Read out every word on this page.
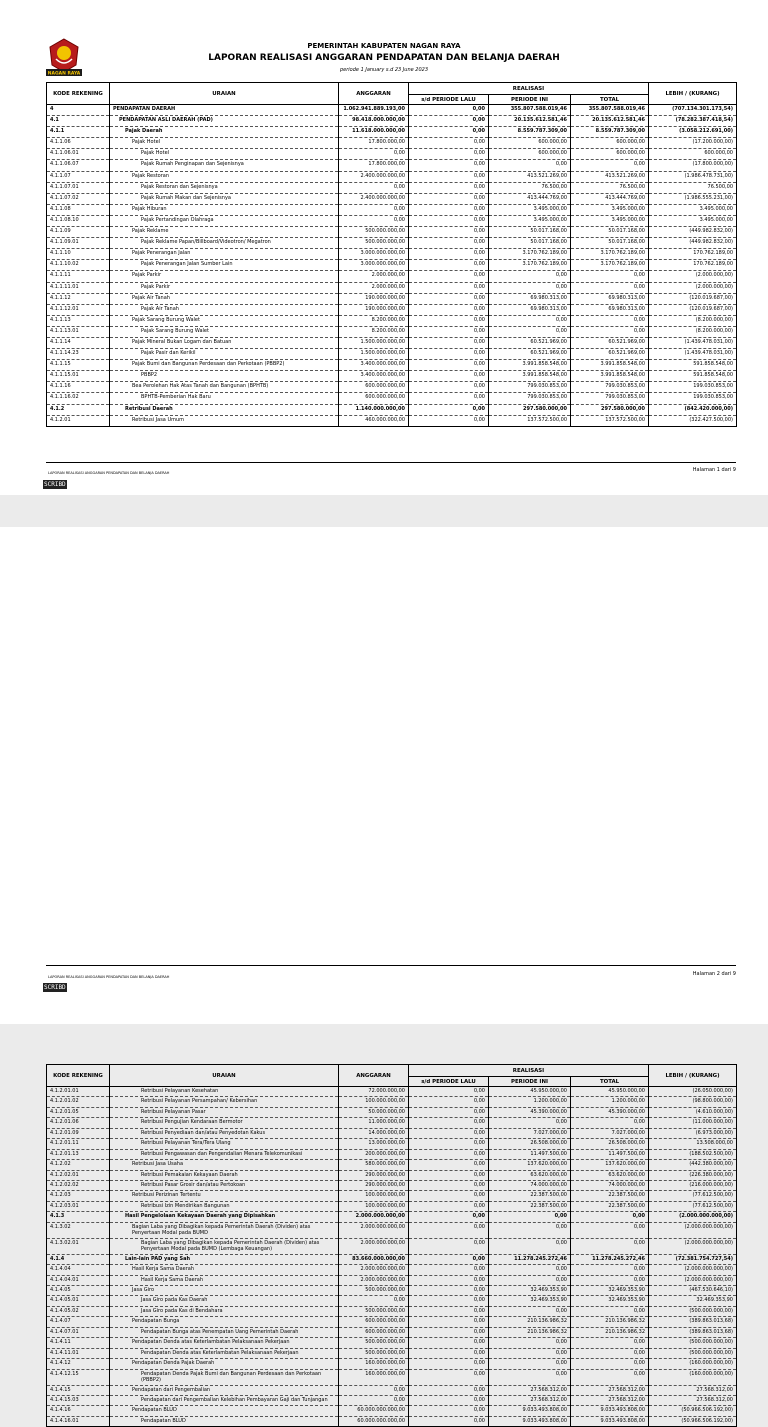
NAGAN RAYA
PEMERINTAH KABUPATEN NAGAN RAYA
LAPORAN REALISASI ANGGARAN PENDAPATAN DAN BELANJA DAERAH
periode 1 January s.d 23 June 2023
KODE REKENING	URAIAN	ANGGARAN	REALISASI			LEBIH / (KURANG)
			s/d PERIODE LALU	PERIODE INI	TOTAL	
4	PENDAPATAN DAERAH	1.062.941.889.193,00	0,00	355.807.588.019,46	355.807.588.019,46	(707.134.301.173,54)
4.1	PENDAPATAN ASLI DAERAH (PAD)	98.418.000.000,00	0,00	20.135.612.581,46	20.135.612.581,46	(78.282.387.418,54)
4.1.1	Pajak Daerah	11.618.000.000,00	0,00	8.559.787.309,00	8.559.787.309,00	(3.058.212.691,00)
4.1.1.06	Pajak Hotel	17.800.000,00	0,00	600.000,00	600.000,00	(17.200.000,00)
4.1.1.06.01	Pajak Hotel	0,00	0,00	600.000,00	600.000,00	600.000,00
4.1.1.06.07	Pajak Rumah Penginapan dan Sejenisnya	17.800.000,00	0,00	0,00	0,00	(17.800.000,00)
4.1.1.07	Pajak Restoran	2.400.000.000,00	0,00	413.521.269,00	413.521.269,00	(1.986.478.731,00)
4.1.1.07.01	Pajak Restoran dan Sejenisnya	0,00	0,00	76.500,00	76.500,00	76.500,00
4.1.1.07.02	Pajak Rumah Makan dan Sejenisnya	2.400.000.000,00	0,00	413.444.769,00	413.444.769,00	(1.986.555.231,00)
4.1.1.08	Pajak Hiburan	0,00	0,00	3.495.000,00	3.495.000,00	3.495.000,00
4.1.1.08.10	Pajak Pertandingan Olahraga	0,00	0,00	3.495.000,00	3.495.000,00	3.495.000,00
4.1.1.09	Pajak Reklame	500.000.000,00	0,00	50.017.168,00	50.017.168,00	(449.982.832,00)
4.1.1.09.01	Pajak Reklame Papan/Billboard/Videotron/ Megatron	500.000.000,00	0,00	50.017.168,00	50.017.168,00	(449.982.832,00)
4.1.1.10	Pajak Penerangan Jalan	3.000.000.000,00	0,00	3.170.762.189,00	3.170.762.189,00	170.762.189,00
4.1.1.10.02	Pajak Penerangan Jalan Sumber Lain	3.000.000.000,00	0,00	3.170.762.189,00	3.170.762.189,00	170.762.189,00
4.1.1.11	Pajak Parkir	2.000.000,00	0,00	0,00	0,00	(2.000.000,00)
4.1.1.11.01	Pajak Parkir	2.000.000,00	0,00	0,00	0,00	(2.000.000,00)
4.1.1.12	Pajak Air Tanah	190.000.000,00	0,00	69.980.313,00	69.980.313,00	(120.019.687,00)
4.1.1.12.01	Pajak Air Tanah	190.000.000,00	0,00	69.980.313,00	69.980.313,00	(120.019.687,00)
4.1.1.13	Pajak Sarang Burung Walet	8.200.000,00	0,00	0,00	0,00	(8.200.000,00)
4.1.1.13.01	Pajak Sarang Burung Walet	8.200.000,00	0,00	0,00	0,00	(8.200.000,00)
4.1.1.14	Pajak Mineral Bukan Logam dan Batuan	1.500.000.000,00	0,00	60.521.969,00	60.521.969,00	(1.439.478.031,00)
4.1.1.14.23	Pajak Pasir dan Kerikil	1.500.000.000,00	0,00	60.521.969,00	60.521.969,00	(1.439.478.031,00)
4.1.1.15	Pajak Bumi dan Bangunan Perdesaan dan Perkotaan (PBBP2)	3.400.000.000,00	0,00	3.991.858.548,00	3.991.858.548,00	591.858.548,00
4.1.1.15.01	PBBP2	3.400.000.000,00	0,00	3.991.858.548,00	3.991.858.548,00	591.858.548,00
4.1.1.16	Bea Perolehan Hak Atas Tanah dan Bangunan (BPHTB)	600.000.000,00	0,00	799.030.853,00	799.030.853,00	199.030.853,00
4.1.1.16.02	BPHTB-Pemberian Hak Baru	600.000.000,00	0,00	799.030.853,00	799.030.853,00	199.030.853,00
4.1.2	Retribusi Daerah	1.140.000.000,00	0,00	297.580.000,00	297.580.000,00	(842.420.000,00)
4.1.2.01	Retribusi Jasa Umum	460.000.000,00	0,00	137.572.500,00	137.572.500,00	(322.427.500,00)
LAPORAN REALISASI ANGGARAN PENDAPATAN DAN BELANJA DAERAH	Halaman 1 dari 9
SCRIBD
KODE REKENING	URAIAN	ANGGARAN	REALISASI			LEBIH / (KURANG)
			s/d PERIODE LALU	PERIODE INI	TOTAL	
4.1.2.01.01	Retribusi Pelayanan Kesehatan	72.000.000,00	0,00	45.950.000,00	45.950.000,00	(26.050.000,00)
4.1.2.01.02	Retribusi Pelayanan Persampahan/ Kebersihan	100.000.000,00	0,00	1.200.000,00	1.200.000,00	(98.800.000,00)
4.1.2.01.05	Retribusi Pelayanan Pasar	50.000.000,00	0,00	45.390.000,00	45.390.000,00	(4.610.000,00)
4.1.2.01.06	Retribusi Pengujian Kendaraan Bermotor	11.000.000,00	0,00	0,00	0,00	(11.000.000,00)
4.1.2.01.09	Retribusi Penyediaan dan/atau Penyedotan Kakus	14.000.000,00	0,00	7.027.000,00	7.027.000,00	(6.973.000,00)
4.1.2.01.11	Retribusi Pelayanan Tera/Tera Ulang	13.000.000,00	0,00	26.508.000,00	26.508.000,00	13.508.000,00
4.1.2.01.13	Retribusi Pengawasan dan Pengendalian Menara Telekomunikasi	200.000.000,00	0,00	11.497.500,00	11.497.500,00	(188.502.500,00)
4.1.2.02	Retribusi Jasa Usaha	580.000.000,00	0,00	137.620.000,00	137.620.000,00	(442.380.000,00)
4.1.2.02.01	Retribusi Pemakaian Kekayaan Daerah	290.000.000,00	0,00	63.620.000,00	63.620.000,00	(226.380.000,00)
4.1.2.02.02	Retribusi Pasar Grosir dan/atau Pertokoan	290.000.000,00	0,00	74.000.000,00	74.000.000,00	(216.000.000,00)
4.1.2.03	Retribusi Perizinan Tertentu	100.000.000,00	0,00	22.387.500,00	22.387.500,00	(77.612.500,00)
4.1.2.03.01	Retribusi Izin Mendirikan Bangunan	100.000.000,00	0,00	22.387.500,00	22.387.500,00	(77.612.500,00)
4.1.3	Hasil Pengelolaan Kekayaan Daerah yang Dipisahkan	2.000.000.000,00	0,00	0,00	0,00	(2.000.000.000,00)
4.1.3.02	Bagian Laba yang Dibagikan kepada Pemerintah Daerah (Dividen) atas Penyertaan Modal pada BUMD	2.000.000.000,00	0,00	0,00	0,00	(2.000.000.000,00)
4.1.3.02.01	Bagian Laba yang Dibagikan kepada Pemerintah Daerah (Dividen) atas Penyertaan Modal pada BUMD (Lembaga Keuangan)	2.000.000.000,00	0,00	0,00	0,00	(2.000.000.000,00)
4.1.4	Lain-lain PAD yang Sah	83.660.000.000,00	0,00	11.278.245.272,46	11.278.245.272,46	(72.381.754.727,54)
4.1.4.04	Hasil Kerja Sama Daerah	2.000.000.000,00	0,00	0,00	0,00	(2.000.000.000,00)
4.1.4.04.01	Hasil Kerja Sama Daerah	2.000.000.000,00	0,00	0,00	0,00	(2.000.000.000,00)
4.1.4.05	Jasa Giro	500.000.000,00	0,00	32.469.353,90	32.469.353,90	(467.530.646,10)
4.1.4.05.01	Jasa Giro pada Kas Daerah	0,00	0,00	32.469.353,90	32.469.353,90	32.469.353,90
4.1.4.05.02	Jasa Giro pada Kas di Bendahara	500.000.000,00	0,00	0,00	0,00	(500.000.000,00)
4.1.4.07	Pendapatan Bunga	600.000.000,00	0,00	210.136.986,32	210.136.986,32	(389.863.013,68)
4.1.4.07.01	Pendapatan Bunga atas Penempatan Uang Pemerintah Daerah	600.000.000,00	0,00	210.136.986,32	210.136.986,32	(389.863.013,68)
4.1.4.11	Pendapatan Denda atas Keterlambatan Pelaksanaan Pekerjaan	500.000.000,00	0,00	0,00	0,00	(500.000.000,00)
4.1.4.11.01	Pendapatan Denda atas Keterlambatan Pelaksanaan Pekerjaan	500.000.000,00	0,00	0,00	0,00	(500.000.000,00)
4.1.4.12	Pendapatan Denda Pajak Daerah	160.000.000,00	0,00	0,00	0,00	(160.000.000,00)
4.1.4.12.15	Pendapatan Denda Pajak Bumi dan Bangunan Perdesaan dan Perkotaan (PBBP2)	160.000.000,00	0,00	0,00	0,00	(160.000.000,00)
4.1.4.15	Pendapatan dari Pengembalian	0,00	0,00	27.568.312,00	27.568.312,00	27.568.312,00
4.1.4.15.03	Pendapatan dari Pengembalian Kelebihan Pembayaran Gaji dan Tunjangan	0,00	0,00	27.568.312,00	27.568.312,00	27.568.312,00
4.1.4.16	Pendapatan BLUD	60.000.000.000,00	0,00	9.033.493.808,00	9.033.493.808,00	(50.966.506.192,00)
4.1.4.16.01	Pendapatan BLUD	60.000.000.000,00	0,00	9.033.493.808,00	9.033.493.808,00	(50.966.506.192,00)
LAPORAN REALISASI ANGGARAN PENDAPATAN DAN BELANJA DAERAH	Halaman 2 dari 9
SCRIBD
